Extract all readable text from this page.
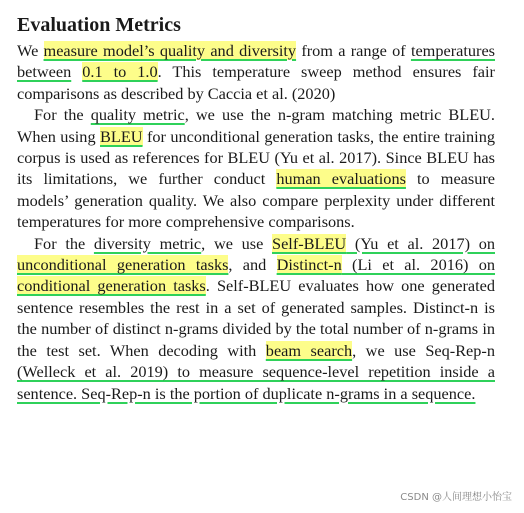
Evaluation Metrics

We measure model’s quality and diversity from a range of temperatures between 0.1 to 1.0. This temperature sweep method ensures fair comparisons as described by Caccia et al. (2020)

For the quality metric, we use the n-gram matching metric BLEU. When using BLEU for unconditional generation tasks, the entire training corpus is used as references for BLEU (Yu et al. 2017). Since BLEU has its limitations, we further conduct human evaluations to measure models’ generation quality. We also compare perplexity under different temperatures for more comprehensive comparisons.

For the diversity metric, we use Self-BLEU (Yu et al. 2017) on unconditional generation tasks, and Distinct-n (Li et al. 2016) on conditional generation tasks. Self-BLEU evaluates how one generated sentence resembles the rest in a set of generated samples. Distinct-n is the number of distinct n-grams divided by the total number of n-grams in the test set. When decoding with beam search, we use Seq-Rep-n (Welleck et al. 2019) to measure sequence-level repetition inside a sentence. Seq-Rep-n is the portion of duplicate n-grams in a sequence.

CSDN @人间理想小怡宝
